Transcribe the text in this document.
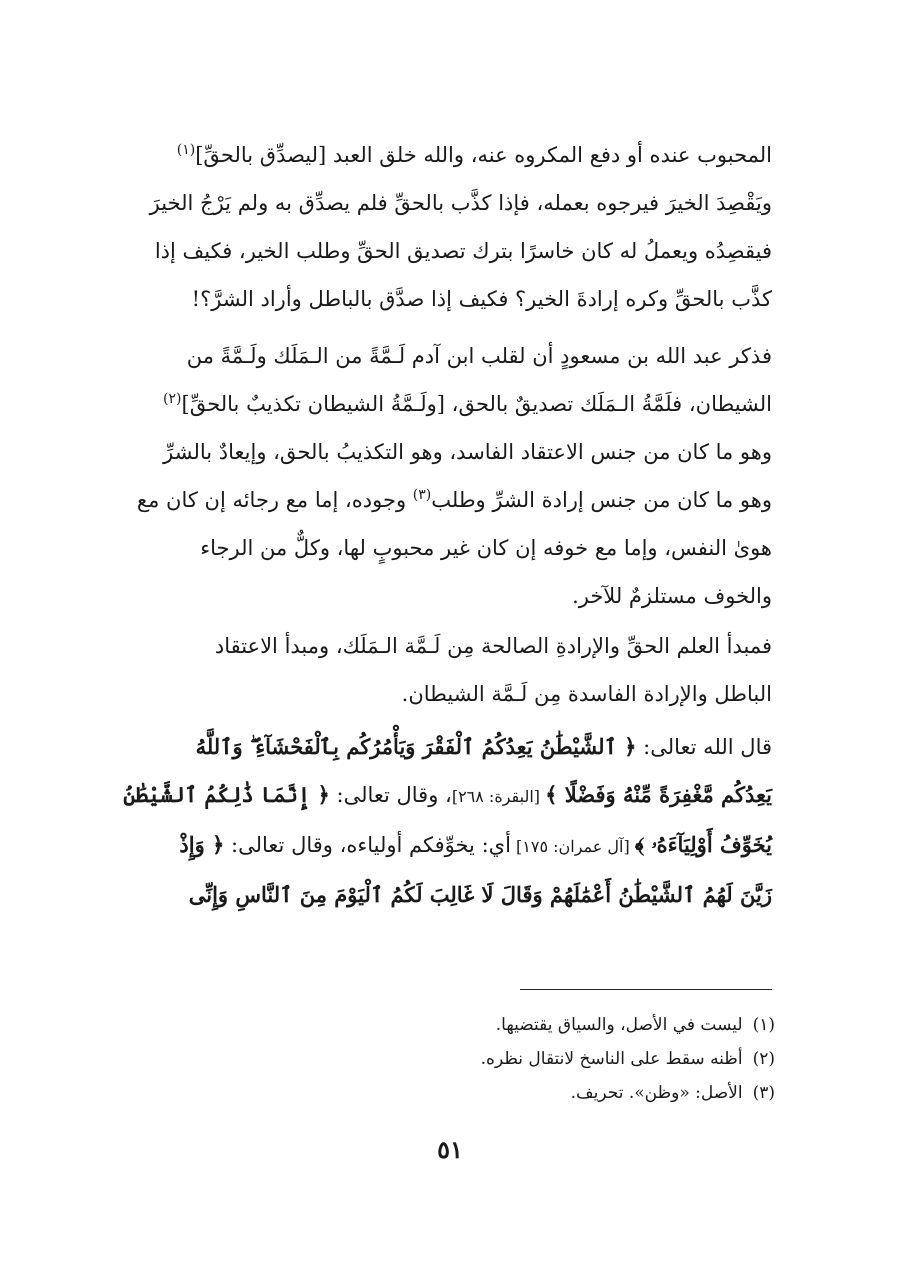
المحبوب عنده أو دفع المكروه عنه، والله خلق العبد [ليصدِّق بالحقِّ]$^{(١)}$
ويَقْصِدَ الخيرَ فيرجوه بعمله، فإذا كذَّب بالحقِّ فلم يصدِّق به ولم يَرْجُ الخيرَ
فيقصِدُه ويعملُ له كان خاسرًا بترك تصديق الحقِّ وطلب الخير، فكيف إذا
كذَّب بالحقِّ وكره إرادةَ الخير؟ فكيف إذا صدَّق بالباطل وأراد الشرَّ؟!

فذكر عبد الله بن مسعودٍ أن لقلب ابن آدم لَـمَّةً من الـمَلَك ولَـمَّةً من
الشيطان، فلَمَّةُ الـمَلَك تصديقٌ بالحق، [ولَـمَّةُ الشيطان تكذيبٌ بالحقِّ]$^{(٢)}$
وهو ما كان من جنس الاعتقاد الفاسد، وهو التكذيبُ بالحق، وإيعادٌ بالشرِّ
وهو ما كان من جنس إرادة الشرِّ وطلب$^{(٣)}$ وجوده، إما مع رجائه إن كان مع
هوىٰ النفس، وإما مع خوفه إن كان غير محبوبٍ لها، وكلٌّ من الرجاء
والخوف مستلزمٌ للآخر.

فمبدأ العلم الحقِّ والإرادةِ الصالحة مِن لَـمَّة الـمَلَك، ومبدأ الاعتقاد
الباطل والإرادة الفاسدة مِن لَـمَّة الشيطان.

قال الله تعالى: ﴿ ٱلشَّيْطَٰنُ يَعِدُكُمُ ٱلْفَقْرَ وَيَأْمُرُكُم بِٱلْفَحْشَآءِ ۖ وَٱللَّهُ
يَعِدُكُم مَّغْفِرَةً مِّنْهُ وَفَضْلًا ﴾ [البقرة: ٢٦٨]، وقال تعالى: ﴿ إِنَّمَا ذَٰلِكُمُ ٱلشَّيْطَٰنُ
يُخَوِّفُ أَوْلِيَآءَهُۥ ﴾ [آل عمران: ١٧٥] أي: يخوِّفكم أولياءه، وقال تعالى: ﴿ وَإِذْ
زَيَّنَ لَهُمُ ٱلشَّيْطَٰنُ أَعْمَٰلَهُمْ وَقَالَ لَا غَالِبَ لَكُمُ ٱلْيَوْمَ مِنَ ٱلنَّاسِ وَإِنِّى

(١)ليست في الأصل، والسياق يقتضيها.
(٢)أظنه سقط على الناسخ لانتقال نظره.
(٣)الأصل: «وظن». تحريف.
٥١
